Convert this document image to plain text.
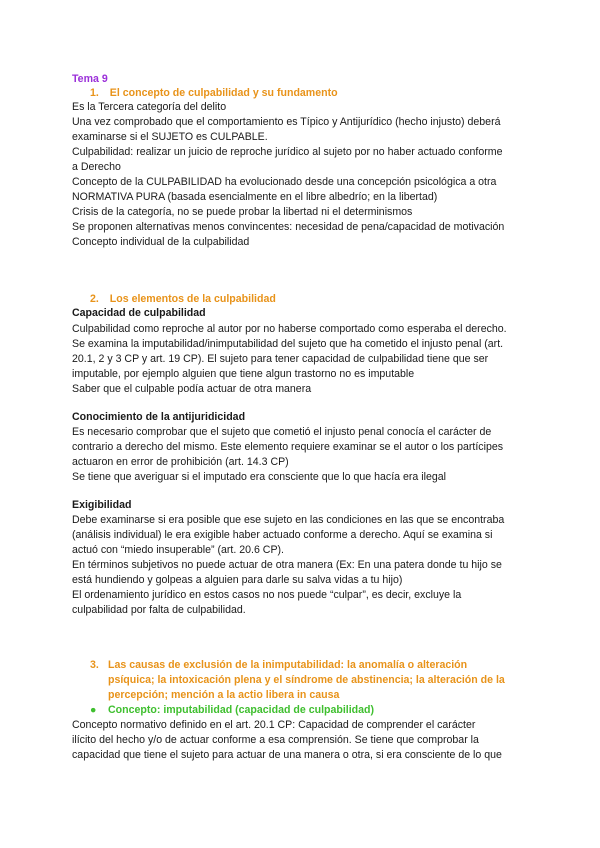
Tema 9
1. El concepto de culpabilidad y su fundamento
Es la Tercera categoría del delito
Una vez comprobado que el comportamiento es Típico y Antijurídico (hecho injusto) deberá
examinarse si el SUJETO es CULPABLE.
Culpabilidad: realizar un juicio de reproche jurídico al sujeto por no haber actuado conforme
a Derecho
Concepto de la CULPABILIDAD ha evolucionado desde una concepción psicológica a otra
NORMATIVA PURA (basada esencialmente en el libre albedrío; en la libertad)
Crisis de la categoría, no se puede probar la libertad ni el determinismos
Se proponen alternativas menos convincentes: necesidad de pena/capacidad de motivación
Concepto individual de la culpabilidad
2. Los elementos de la culpabilidad
Capacidad de culpabilidad
Culpabilidad como reproche al autor por no haberse comportado como esperaba el derecho.
Se examina la imputabilidad/inimputabilidad del sujeto que ha cometido el injusto penal (art.
20.1, 2 y 3 CP y art. 19 CP). El sujeto para tener capacidad de culpabilidad tiene que ser
imputable, por ejemplo alguien que tiene algun trastorno no es imputable
Saber que el culpable podía actuar de otra manera
Conocimiento de la antijuridicidad
Es necesario comprobar que el sujeto que cometió el injusto penal conocía el carácter de
contrario a derecho del mismo. Este elemento requiere examinar se el autor o los partícipes
actuaron en error de prohibición (art. 14.3 CP)
Se tiene que averiguar si el imputado era consciente que lo que hacía era ilegal
Exigibilidad
Debe examinarse si era posible que ese sujeto en las condiciones en las que se encontraba
(análisis individual) le era exigible haber actuado conforme a derecho. Aquí se examina si
actuó con “miedo insuperable” (art. 20.6 CP).
En términos subjetivos no puede actuar de otra manera (Ex: En una patera donde tu hijo se
está hundiendo y golpeas a alguien para darle su salva vidas a tu hijo)
El ordenamiento jurídico en estos casos no nos puede “culpar”, es decir, excluye la
culpabilidad por falta de culpabilidad.
3. Las causas de exclusión de la inimputabilidad: la anomalía o alteración
psíquica; la intoxicación plena y el síndrome de abstinencia; la alteración de la
percepción; mención a la actio libera in causa
● Concepto: imputabilidad (capacidad de culpabilidad)
Concepto normativo definido en el art. 20.1 CP: Capacidad de comprender el carácter
ilícito del hecho y/o de actuar conforme a esa comprensión. Se tiene que comprobar la
capacidad que tiene el sujeto para actuar de una manera o otra, si era consciente de lo que
